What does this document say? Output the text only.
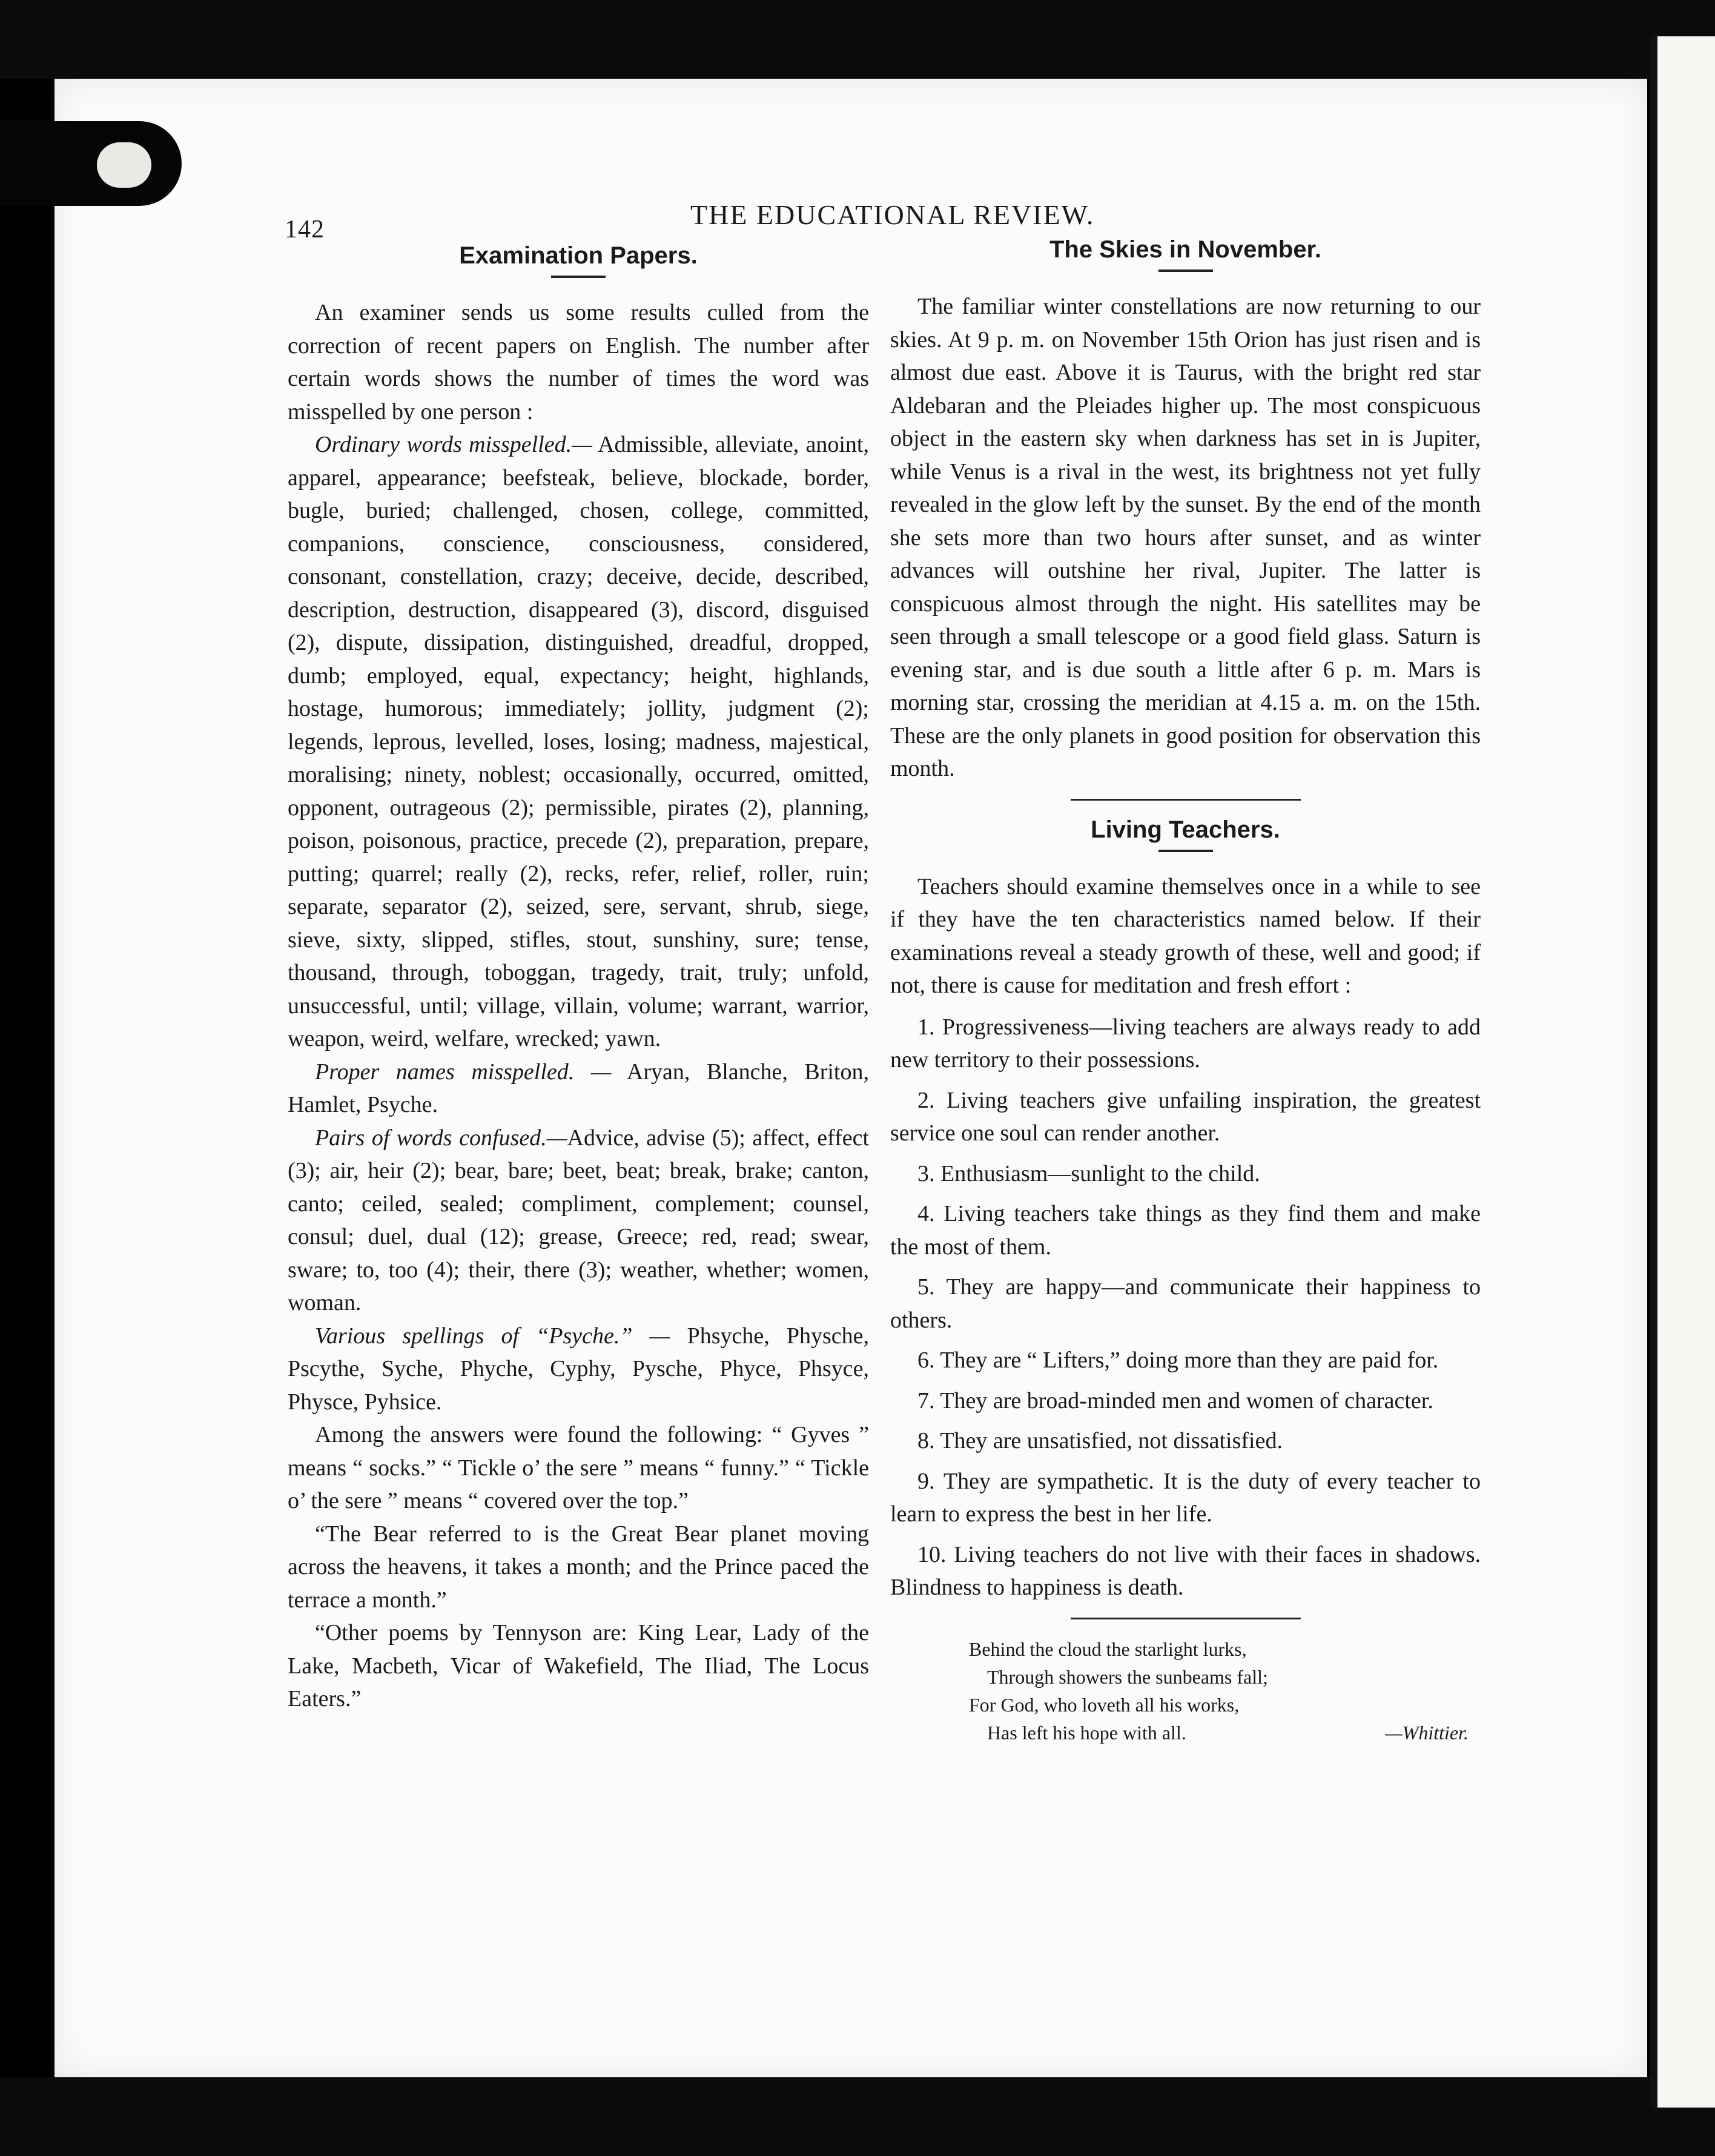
142	THE EDUCATIONAL REVIEW.
Examination Papers.

An examiner sends us some results culled from the correction of recent papers on English. The number after certain words shows the number of times the word was misspelled by one person :

Ordinary words misspelled.— Admissible, alleviate, anoint, apparel, appearance; beefsteak, believe, blockade, border, bugle, buried; challenged, chosen, college, committed, companions, conscience, consciousness, considered, consonant, constellation, crazy; deceive, decide, described, description, destruction, disappeared (3), discord, disguised (2), dispute, dissipation, distinguished, dreadful, dropped, dumb; employed, equal, expectancy; height, highlands, hostage, humorous; immediately; jollity, judgment (2); legends, leprous, levelled, loses, losing; madness, majestical, moralising; ninety, noblest; occasionally, occurred, omitted, opponent, outrageous (2); permissible, pirates (2), planning, poison, poisonous, practice, precede (2), preparation, prepare, putting; quarrel; really (2), recks, refer, relief, roller, ruin; separate, separator (2), seized, sere, servant, shrub, siege, sieve, sixty, slipped, stifles, stout, sunshiny, sure; tense, thousand, through, toboggan, tragedy, trait, truly; unfold, unsuccessful, until; village, villain, volume; warrant, warrior, weapon, weird, welfare, wrecked; yawn.

Proper names misspelled. — Aryan, Blanche, Briton, Hamlet, Psyche.

Pairs of words confused.—Advice, advise (5); affect, effect (3); air, heir (2); bear, bare; beet, beat; break, brake; canton, canto; ceiled, sealed; compliment, complement; counsel, consul; duel, dual (12); grease, Greece; red, read; swear, sware; to, too (4); their, there (3); weather, whether; women, woman.

Various spellings of “Psyche.” — Phsyche, Physche, Pscythe, Syche, Phyche, Cyphy, Pysche, Phyce, Phsyce, Physce, Pyhsice.

Among the answers were found the following: “ Gyves ” means “ socks.” “ Tickle o’ the sere ” means “ funny.” “ Tickle o’ the sere ” means “ covered over the top.”

“The Bear referred to is the Great Bear planet moving across the heavens, it takes a month; and the Prince paced the terrace a month.”

“Other poems by Tennyson are: King Lear, Lady of the Lake, Macbeth, Vicar of Wakefield, The Iliad, The Locus Eaters.”

The Skies in November.

The familiar winter constellations are now returning to our skies. At 9 p. m. on November 15th Orion has just risen and is almost due east. Above it is Taurus, with the bright red star Aldebaran and the Pleiades higher up. The most conspicuous object in the eastern sky when darkness has set in is Jupiter, while Venus is a rival in the west, its brightness not yet fully revealed in the glow left by the sunset. By the end of the month she sets more than two hours after sunset, and as winter advances will outshine her rival, Jupiter. The latter is conspicuous almost through the night. His satellites may be seen through a small telescope or a good field glass. Saturn is evening star, and is due south a little after 6 p. m. Mars is morning star, crossing the meridian at 4.15 a. m. on the 15th. These are the only planets in good position for observation this month.

Living Teachers.

Teachers should examine themselves once in a while to see if they have the ten characteristics named below. If their examinations reveal a steady growth of these, well and good; if not, there is cause for meditation and fresh effort :

1. Progressiveness—living teachers are always ready to add new territory to their possessions.
2. Living teachers give unfailing inspiration, the greatest service one soul can render another.
3. Enthusiasm—sunlight to the child.
4. Living teachers take things as they find them and make the most of them.
5. They are happy—and communicate their happiness to others.
6. They are “ Lifters,” doing more than they are paid for.
7. They are broad-minded men and women of character.
8. They are unsatisfied, not dissatisfied.
9. They are sympathetic. It is the duty of every teacher to learn to express the best in her life.
10. Living teachers do not live with their faces in shadows. Blindness to happiness is death.
Behind the cloud the starlight lurks,
Through showers the sunbeams fall;
For God, who loveth all his works,
Has left his hope with all.	—Whittier.
